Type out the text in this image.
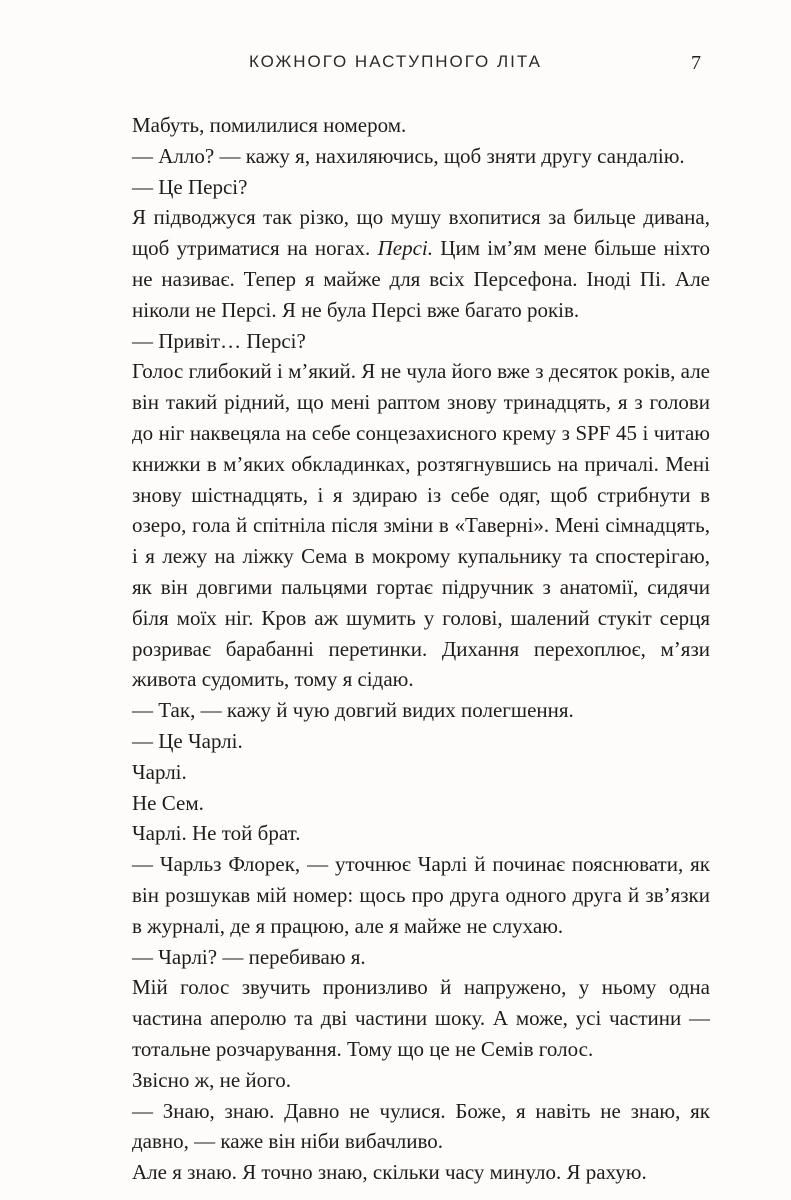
КОЖНОГО НАСТУПНОГО ЛІТА	7

Мабуть, помилилися номером.

— Алло? — кажу я, нахиляючись, щоб зняти другу сандалію.

— Це Персі?

Я підводжуся так різко, що мушу вхопитися за бильце дивана, щоб утриматися на ногах. Персі. Цим ім’ям мене більше ніхто не називає. Тепер я майже для всіх Персефона. Іноді Пі. Але ніколи не Персі. Я не була Персі вже багато років.

— Привіт… Персі?

Голос глибокий і м’який. Я не чула його вже з десяток років, але він такий рідний, що мені раптом знову тринадцять, я з голови до ніг наквецяла на себе сонцезахисного крему з SPF 45 і читаю книжки в м’яких обкладинках, розтягнувшись на причалі. Мені знову шістнадцять, і я здираю із себе одяг, щоб стрибнути в озеро, гола й спітніла після зміни в «Таверні». Мені сімнадцять, і я лежу на ліжку Сема в мокрому купальнику та спостерігаю, як він довгими пальцями гортає підручник з анатомії, сидячи біля моїх ніг. Кров аж шумить у голові, шалений стукіт серця розриває барабанні перетинки. Дихання перехоплює, м’язи живота судомить, тому я сідаю.

— Так, — кажу й чую довгий видих полегшення.

— Це Чарлі.

Чарлі.

Не Сем.

Чарлі. Не той брат.

— Чарльз Флорек, — уточнює Чарлі й починає пояснювати, як він розшукав мій номер: щось про друга одного друга й зв’язки в журналі, де я працюю, але я майже не слухаю.

— Чарлі? — перебиваю я.

Мій голос звучить пронизливо й напружено, у ньому одна частина аперолю та дві частини шоку. А може, усі частини — тотальне розчарування. Тому що це не Семів голос.

Звісно ж, не його.

— Знаю, знаю. Давно не чулися. Боже, я навіть не знаю, як давно, — каже він ніби вибачливо.

Але я знаю. Я точно знаю, скільки часу минуло. Я рахую.
